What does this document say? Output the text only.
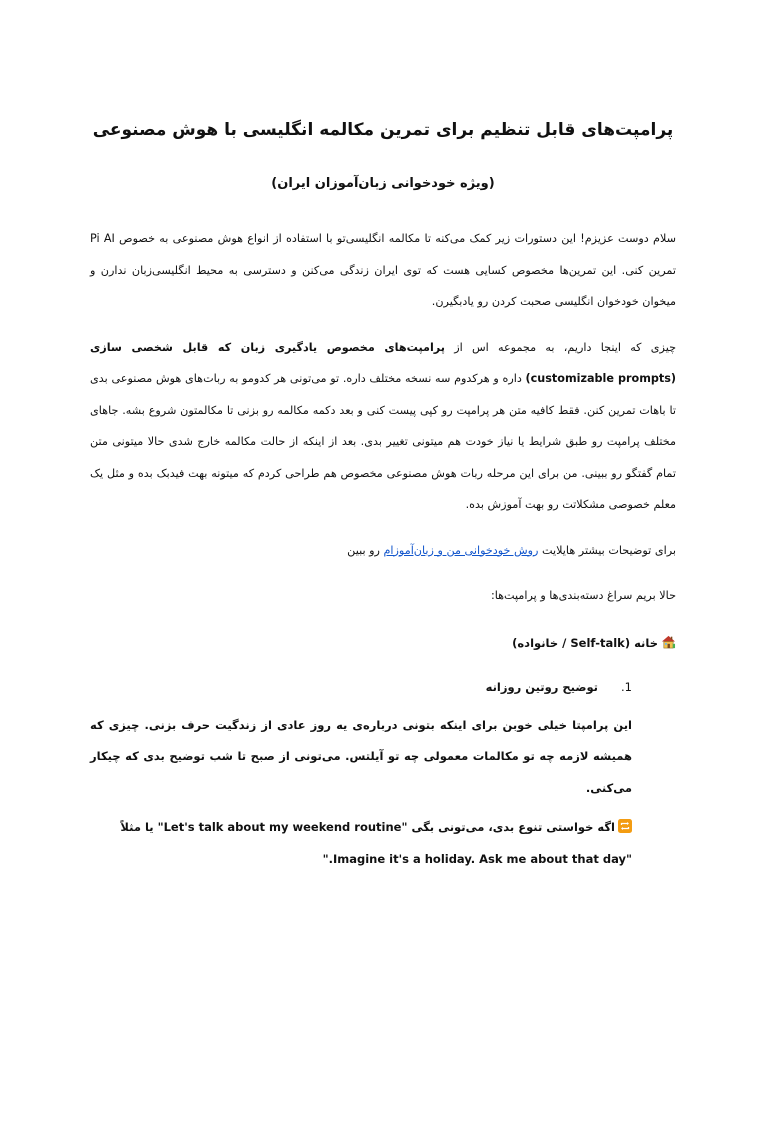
پرامپت‌های قابل تنظیم برای تمرین مکالمه انگلیسی با هوش مصنوعی
(ویژه خودخوانی زبان‌آموزان ایران)

سلام دوست عزیزم! این دستورات زیر کمک می‌کنه تا مکالمه انگلیسی‌تو با استفاده از انواع هوش مصنوعی به خصوص Pi AI تمرین کنی. این تمرین‌ها مخصوص کسایی هست که توی ایران زندگی می‌کنن و دسترسی به محیط انگلیسی‌زبان ندارن و میخوان خودخوان انگلیسی صحبت کردن رو یادبگیرن.

چیزی که اینجا داریم، به مجموعه اس از پرامپت‌های مخصوص یادگیری زبان که قابل شخصی سازی (customizable prompts) داره و هرکدوم سه نسخه مختلف داره. تو می‌تونی هر کدومو به ربات‌های هوش مصنوعی بدی تا باهات تمرین کنن. فقط کافیه متن هر پرامپت رو کپی پیست کنی و بعد دکمه مکالمه رو بزنی تا مکالمتون شروع بشه. جاهای مختلف پرامپت رو طبق شرایط یا نیاز خودت هم میتونی تغییر بدی. بعد از اینکه از حالت مکالمه خارج شدی حالا میتونی متن تمام گفتگو رو ببینی. من برای این مرحله ربات هوش مصنوعی مخصوص هم طراحی کردم که میتونه بهت فیدبک بده و مثل یک معلم خصوصی مشکلاتت رو بهت آموزش بده.

برای توضیحات بیشتر هایلایت روش خودخوانی من و زبان‌آموزام رو ببین

حالا بریم سراغ دسته‌بندی‌ها و پرامپت‌ها:

خانه (Self-talk / خانواده)
1.
توضیح روتین روزانه

این پرامپتا خیلی خوبن برای اینکه بتونی درباره‌ی یه روز عادی از زندگیت حرف بزنی. چیزی که همیشه لازمه چه تو مکالمات معمولی چه تو آیلتس. می‌تونی از صبح تا شب توضیح بدی که چیکار می‌کنی.

اگه خواستی تنوع بدی، می‌تونی بگی "Let's talk about my weekend routine" یا مثلاً "Imagine it's a holiday. Ask me about that day."
